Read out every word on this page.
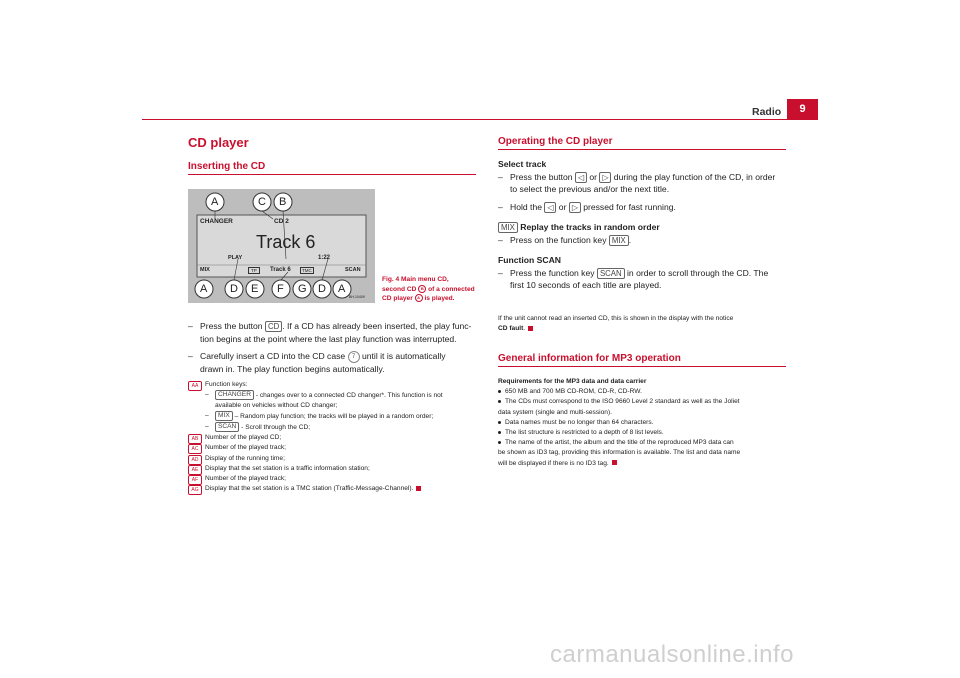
Radio	9
CD player
Inserting the CD
A	C B
A D E F G D A
CHANGER	CD 2
Track 6
PLAY	1:22
MIX	TP	Track 6	TMC	SCAN
BH-10409
Fig. 4 Main menu CD,
second CD B of a connected
CD player A is played.
– Press the button CD . If a CD has already been inserted, the play func-
tion begins at the point where the last play function was interrupted.
– Carefully insert a CD into the CD case 7 until it is automatically
drawn in. The play function begins automatically.
AA	Function keys:
– CHANGER - changes over to a connected CD changer*. This function is not
available on vehicles without CD changer;
– MIX – Random play function; the tracks will be played in a random order;
– SCAN - Scroll through the CD;
AB	Number of the played CD;
AC Number of the played track;
AD Display of the running time;
AE	Display that the set station is a traffic information station;
AF	Number of the played track;
AG Display that the set station is a TMC station (Traffic-Message-Channel).
Operating the CD player
Select track
– Press the button ◁ or ▷ during the play function of the CD, in order
to select the previous and/or the next title.
– Hold the ◁ or ▷ pressed for fast running.
MIX Replay the tracks in random order
– Press on the function key MIX .
Function SCAN
– Press the function key SCAN in order to scroll through the CD. The
first 10 seconds of each title are played.
If the unit cannot read an inserted CD, this is shown in the display with the notice
CD fault.
General information for MP3 operation
Requirements for the MP3 data and data carrier
650 MB and 700 MB CD-ROM, CD-R, CD-RW.
The CDs must correspond to the ISO 9660 Level 2 standard as well as the Joliet
data system (single and multi-session).
Data names must be no longer than 64 characters.
The list structure is restricted to a depth of 8 list levels.
The name of the artist, the album and the title of the reproduced MP3 data can
be shown as ID3 tag, providing this information is available. The list and data name
will be displayed if there is no ID3 tag.
carmanualsonline.info
